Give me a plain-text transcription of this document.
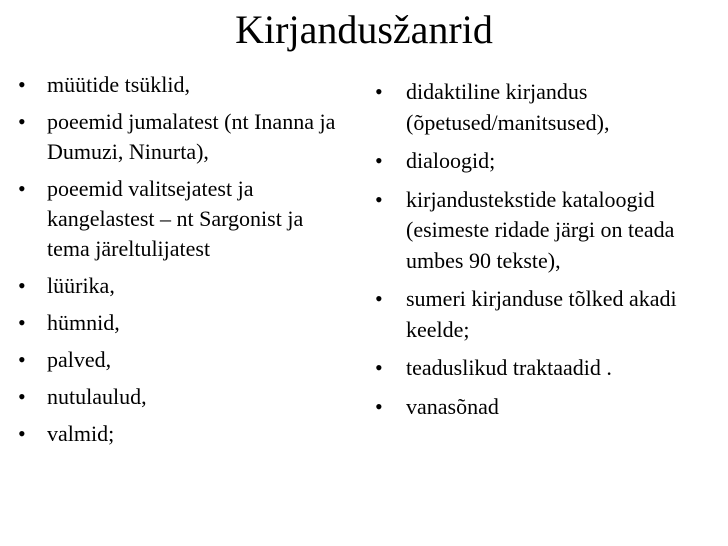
Kirjandusžanrid
• müütide tsüklid,
• poeemid jumalatest (nt Inanna ja Dumuzi, Ninurta),
• poeemid valitsejatest ja kangelastest – nt Sargonist ja tema järeltulijatest
• lüürika,
• hümnid,
• palved,
• nutulaulud,
• valmid;
• didaktiline kirjandus (õpetused/manitsused),
• dialoogid;
• kirjandustekstide kataloogid (esimeste ridade järgi on teada umbes 90 tekste),
• sumeri kirjanduse tõlked akadi keelde;
• teaduslikud traktaadid .
• vanasõnad
